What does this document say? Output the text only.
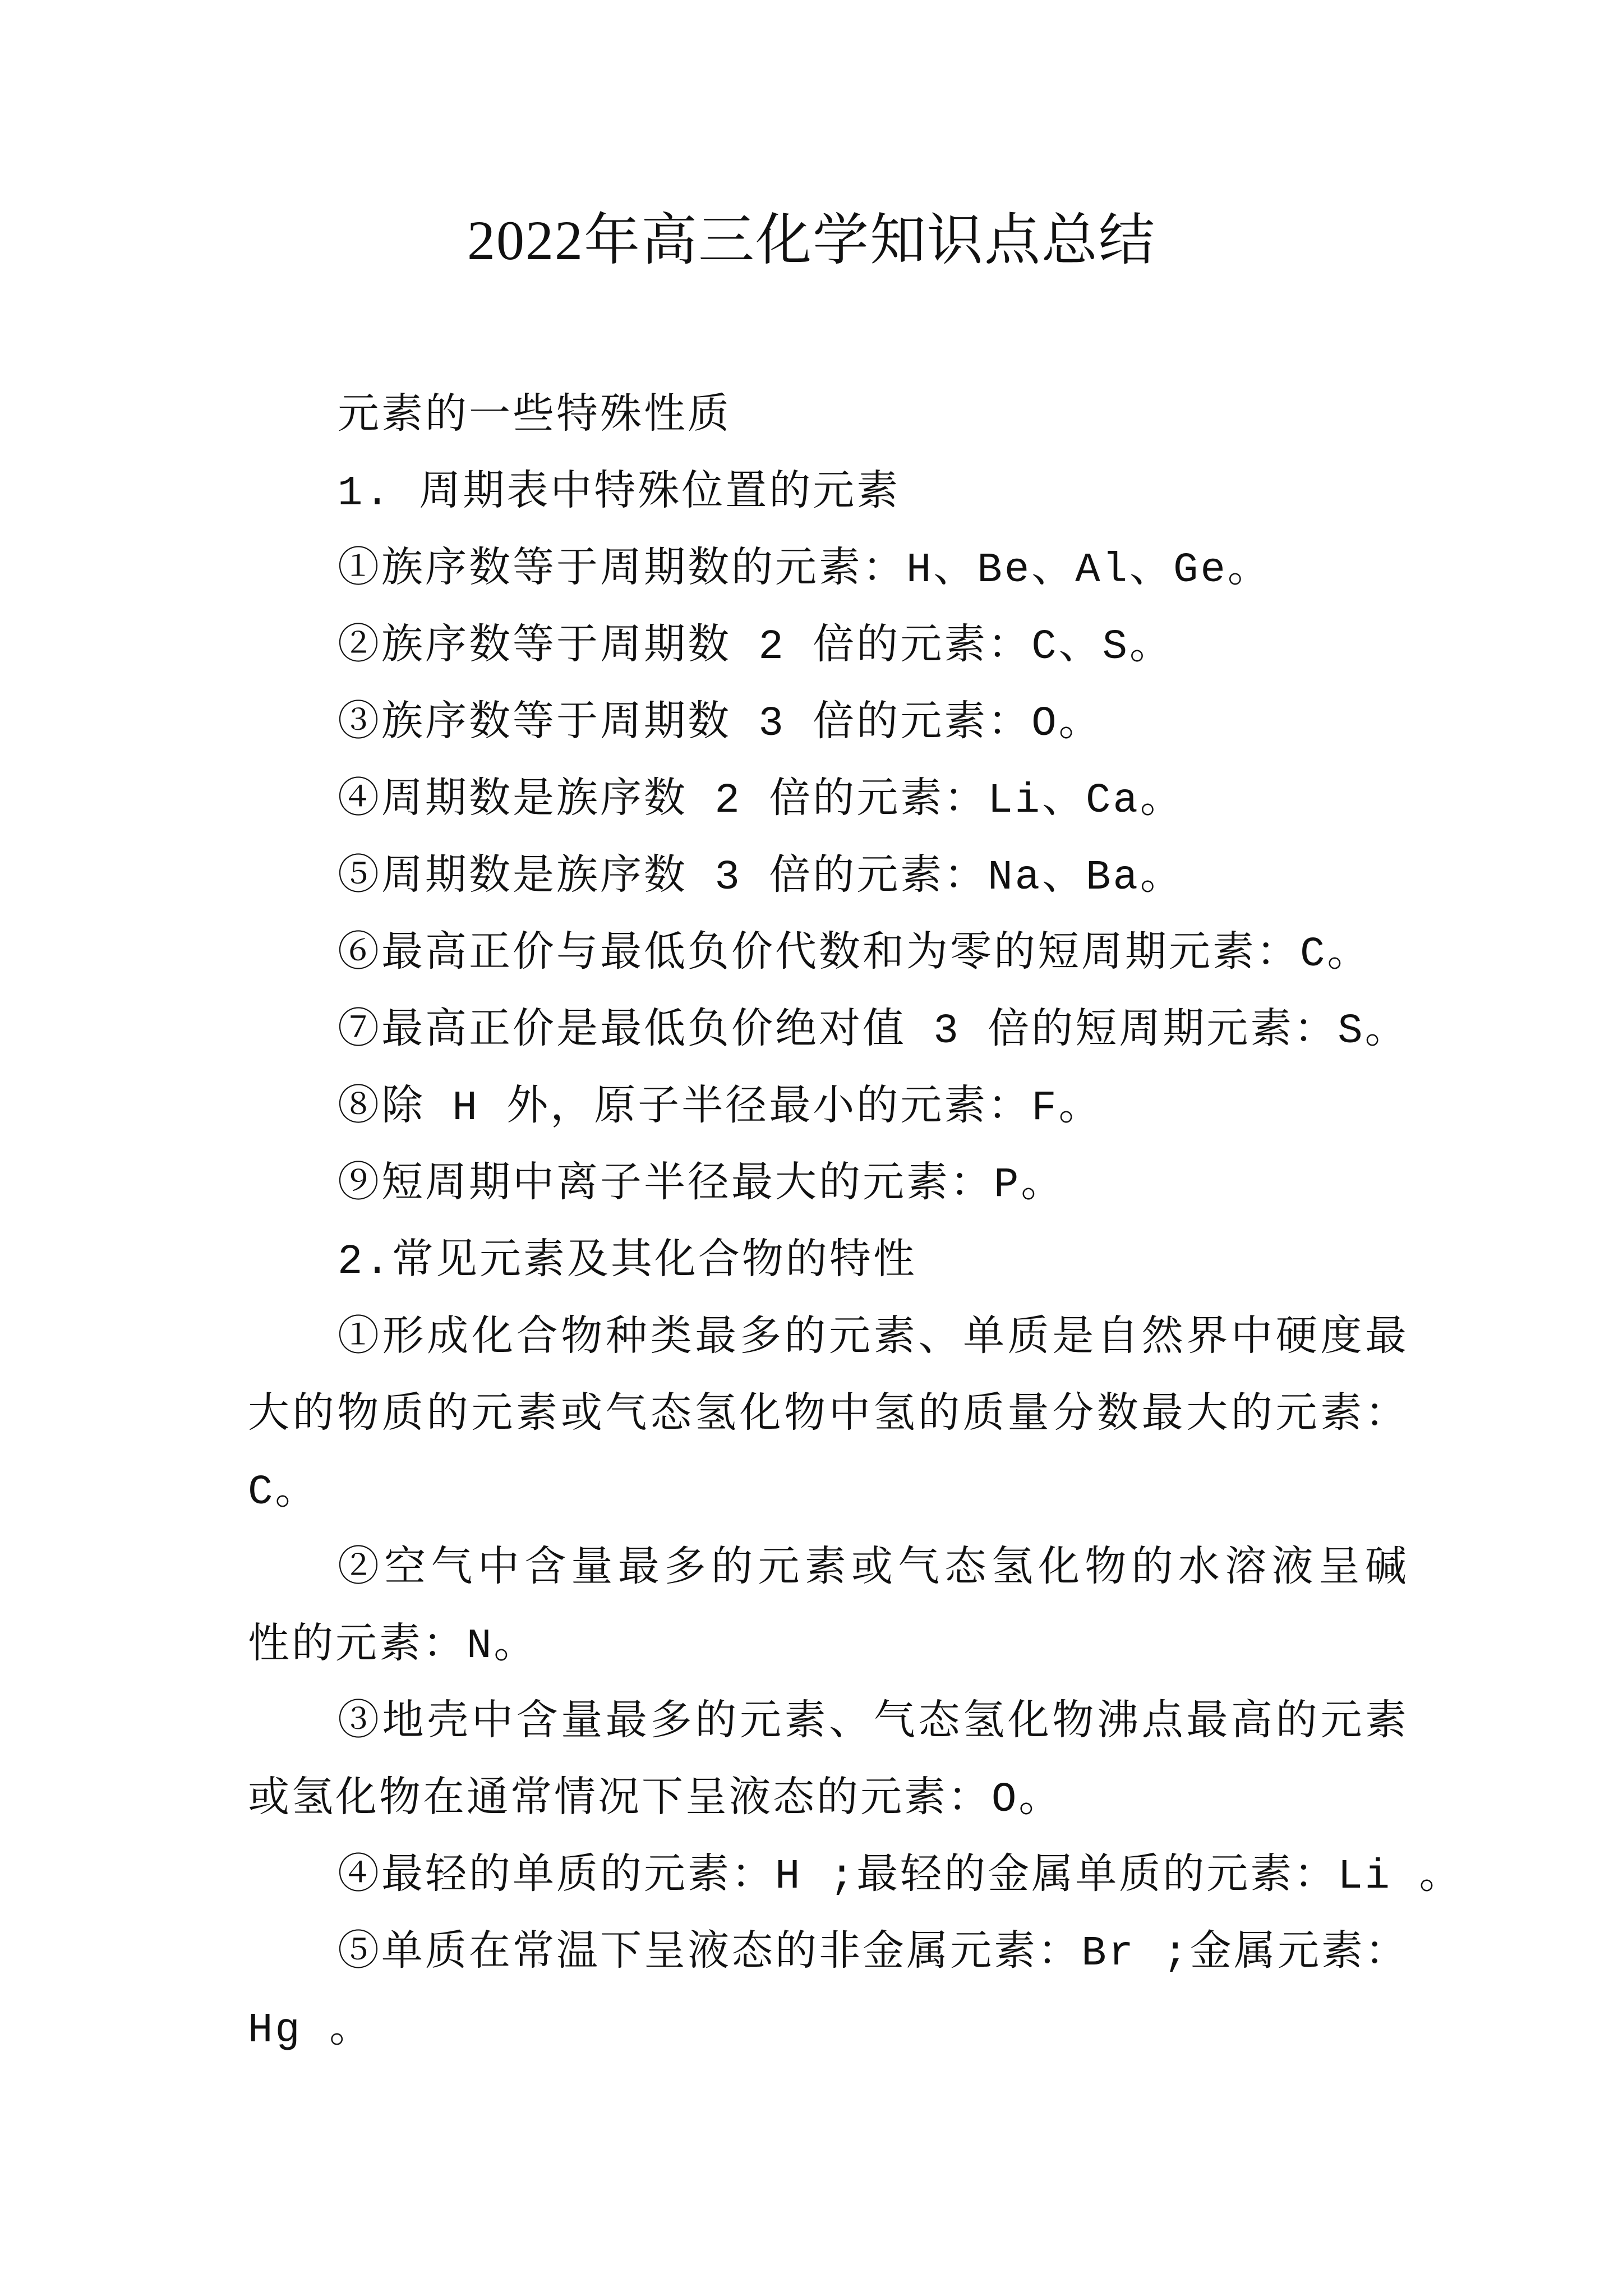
2022年高三化学知识点总结
元素的一些特殊性质
1. 周期表中特殊位置的元素
①族序数等于周期数的元素：H、Be、Al、Ge。
②族序数等于周期数 2 倍的元素：C、S。
③族序数等于周期数 3 倍的元素：O。
④周期数是族序数 2 倍的元素：Li、Ca。
⑤周期数是族序数 3 倍的元素：Na、Ba。
⑥最高正价与最低负价代数和为零的短周期元素：C。
⑦最高正价是最低负价绝对值 3 倍的短周期元素：S。
⑧除 H 外，原子半径最小的元素：F。
⑨短周期中离子半径最大的元素：P。
2.常见元素及其化合物的特性
①形成化合物种类最多的元素、单质是自然界中硬度最
大的物质的元素或气态氢化物中氢的质量分数最大的元素：
C。
②空气中含量最多的元素或气态氢化物的水溶液呈碱
性的元素：N。
③地壳中含量最多的元素、气态氢化物沸点最高的元素
或氢化物在通常情况下呈液态的元素：O。
④最轻的单质的元素：H ;最轻的金属单质的元素：Li 。
⑤单质在常温下呈液态的非金属元素：Br ;金属元素：
Hg 。
